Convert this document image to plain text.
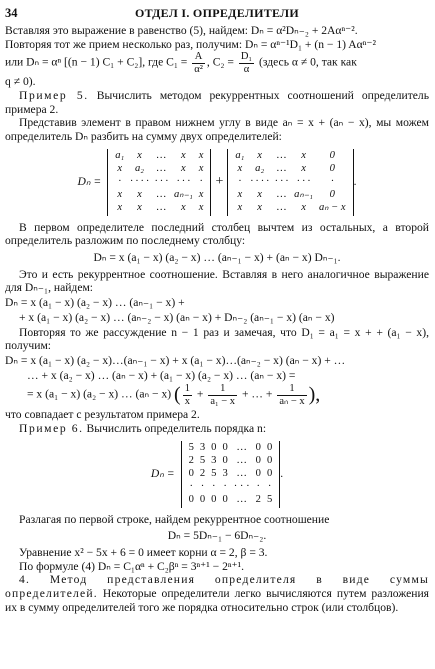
34	ОТДЕЛ I. ОПРЕДЕЛИТЕЛИ

Вставляя это выражение в равенство (5), найдем: Dₙ = α²Dₙ₋₂ + 2Aαⁿ⁻².

Повторяя тот же прием несколько раз, получим: Dₙ = αⁿ⁻¹D₁ + (n − 1) Aαⁿ⁻²

или Dₙ = αⁿ [(n − 1) C₁ + C₂], где $C_1 = \frac{A}{\text{α²}}$ , $C_2 = \frac{\text{D₁}}{\alpha}$ (здесь α ≠ 0, так как

q ≠ 0).

Пример 5. Вычислить методом рекуррентных соотношений определитель примера 2.

Представив элемент в правом нижнем углу в виде aₙ = x + (aₙ − x), мы можем определитель Dₙ разбить на сумму двух определителей:

Dₙ =
a₁	x	…	x	x
x	a₂	…	x	x
·	· · · ·	· · ·	· · ·	·
x	x	…	aₙ₋₁	x
x	x	…	x	x
+
a₁	x	…	x	0
x	a₂	…	x	0
·	· · · ·	· · ·	· · ·	·
x	x	…	aₙ₋₁	0
x	x	…	x	aₙ − x
.

В первом определителе последний столбец вычтем из остальных, а второй определитель разложим по последнему столбцу:

Dₙ = x (a₁ − x) (a₂ − x) … (aₙ₋₁ − x) + (aₙ − x) Dₙ₋₁.

Это и есть рекуррентное соотношение. Вставляя в него аналогичное выражение для Dₙ₋₁, найдем:

Dₙ = x (a₁ − x) (a₂ − x) … (aₙ₋₁ − x) +

+ x (a₁ − x) (a₂ − x) … (aₙ₋₂ − x) (aₙ − x) + Dₙ₋₂ (aₙ₋₁ − x) (aₙ − x)

Повторяя то же рассуждение n − 1 раз и замечая, что D₁ = a₁ = x + + (a₁ − x), получим:

Dₙ = x (a₁ − x) (a₂ − x)…(aₙ₋₁ − x) + x (a₁ − x)…(aₙ₋₂ − x) (aₙ − x) + …

… + x (a₂ − x) … (aₙ − x) + (a₁ − x) (a₂ − x) … (aₙ − x) =

= x (a₁ − x) (a₂ − x) … (aₙ − x) ( $\frac{1}{x} + \frac{1}{\text{a₁ − x}}$ + … + $\frac{1}{\text{aₙ − x}}$ ),

что совпадает с результатом примера 2.

Пример 6. Вычислить определитель порядка n:

Dₙ =
5	3	0	0	…	0	0
2	5	3	0	…	0	0
0	2	5	3	…	0	0
·	·	·	·	· · ·	·	·
0	0	0	0	…	2	5
.

Разлагая по первой строке, найдем рекуррентное соотношение

Dₙ = 5Dₙ₋₁ − 6Dₙ₋₂.

Уравнение x² − 5x + 6 = 0 имеет корни α = 2, β = 3.

По формуле (4) Dₙ = C₁αⁿ + C₂βⁿ = 3ⁿ⁺¹ − 2ⁿ⁺¹.

4. Метод представления определителя в виде суммы определителей. Некоторые определители легко вычисляются путем разложения их в сумму определителей того же порядка относительно строк (или столбцов).
